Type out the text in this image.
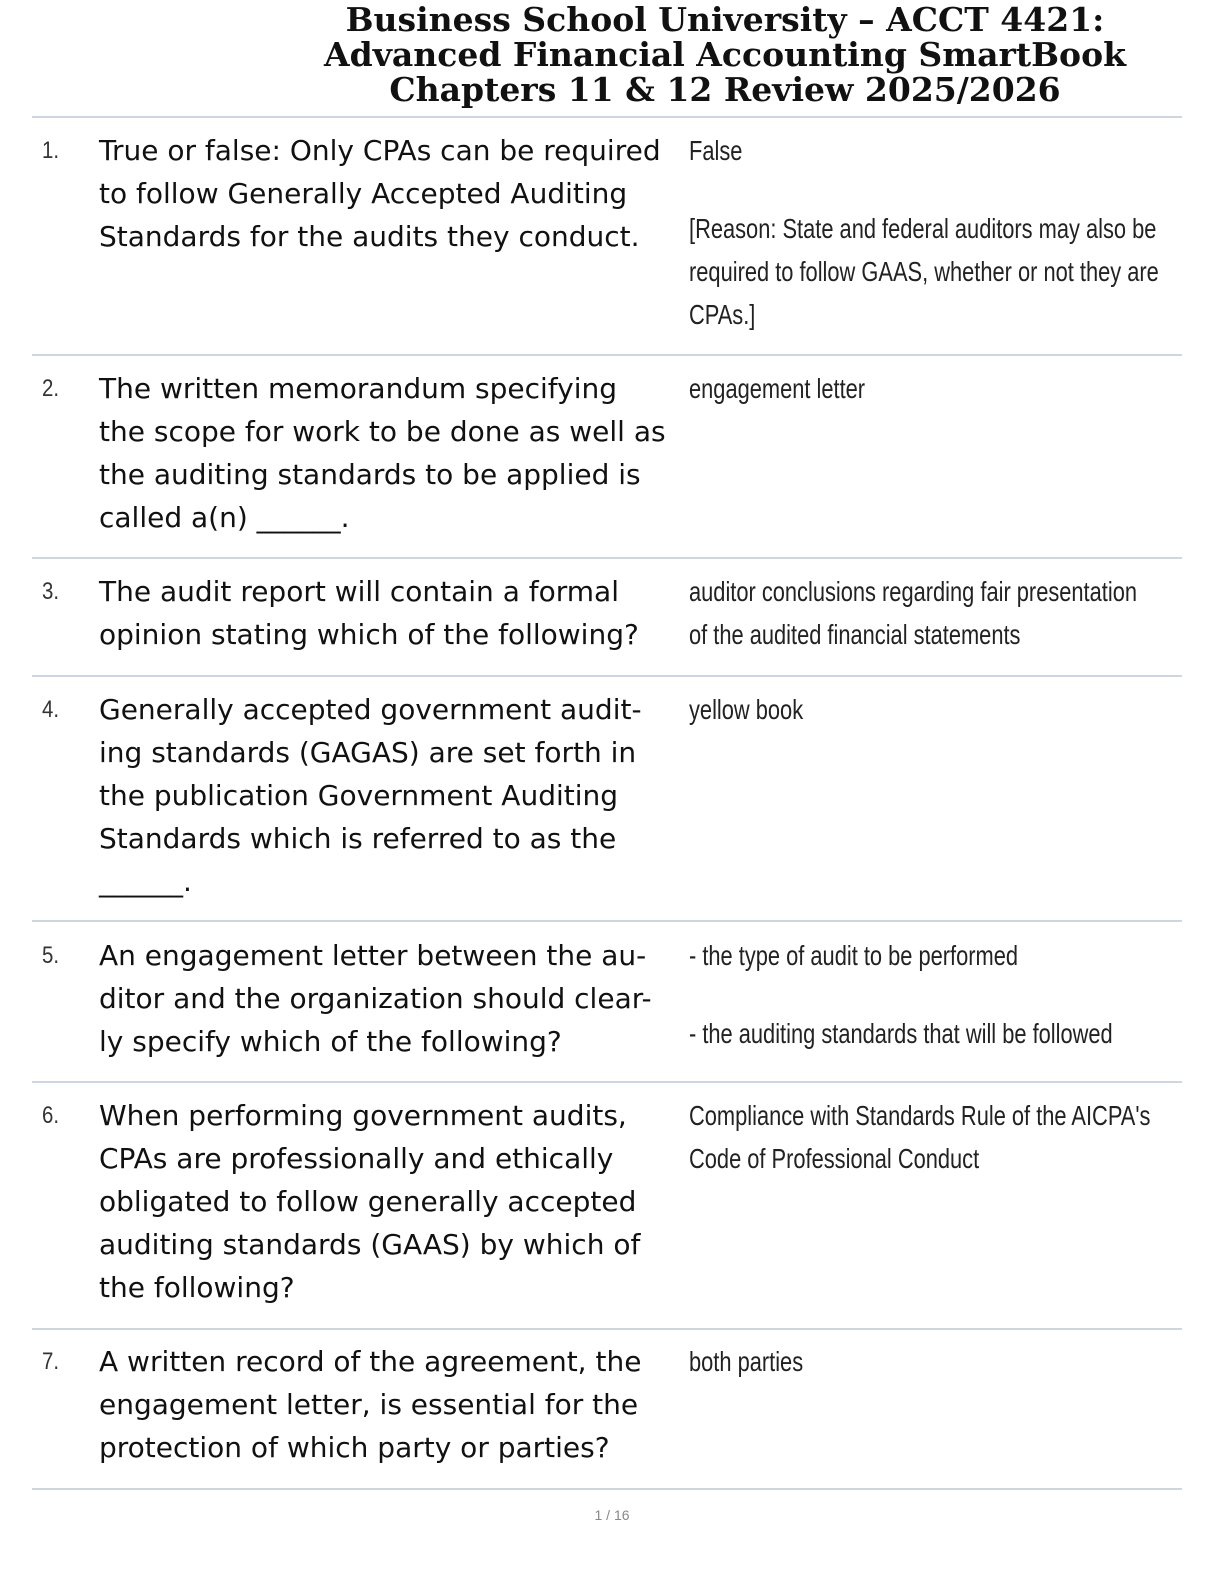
Business School University – ACCT 4421:
Advanced Financial Accounting SmartBook
Chapters 11 & 12 Review 2025/2026
1. True or false: Only CPAs can be required
to follow Generally Accepted Auditing
Standards for the audits they conduct.
False
[Reason: State and federal auditors may also be
required to follow GAAS, whether or not they are
CPAs.]
2. The written memorandum specifying
the scope for work to be done as well as
the auditing standards to be applied is
called a(n) ______.
engagement letter
3. The audit report will contain a formal
opinion stating which of the following?
auditor conclusions regarding fair presentation
of the audited financial statements
4. Generally accepted government audit-
ing standards (GAGAS) are set forth in
the publication Government Auditing
Standards which is referred to as the
______.
yellow book
5. An engagement letter between the au-
ditor and the organization should clear-
ly specify which of the following?
- the type of audit to be performed
- the auditing standards that will be followed
6. When performing government audits,
CPAs are professionally and ethically
obligated to follow generally accepted
auditing standards (GAAS) by which of
the following?
Compliance with Standards Rule of the AICPA's
Code of Professional Conduct
7. A written record of the agreement, the
engagement letter, is essential for the
protection of which party or parties?
both parties
1 / 16
